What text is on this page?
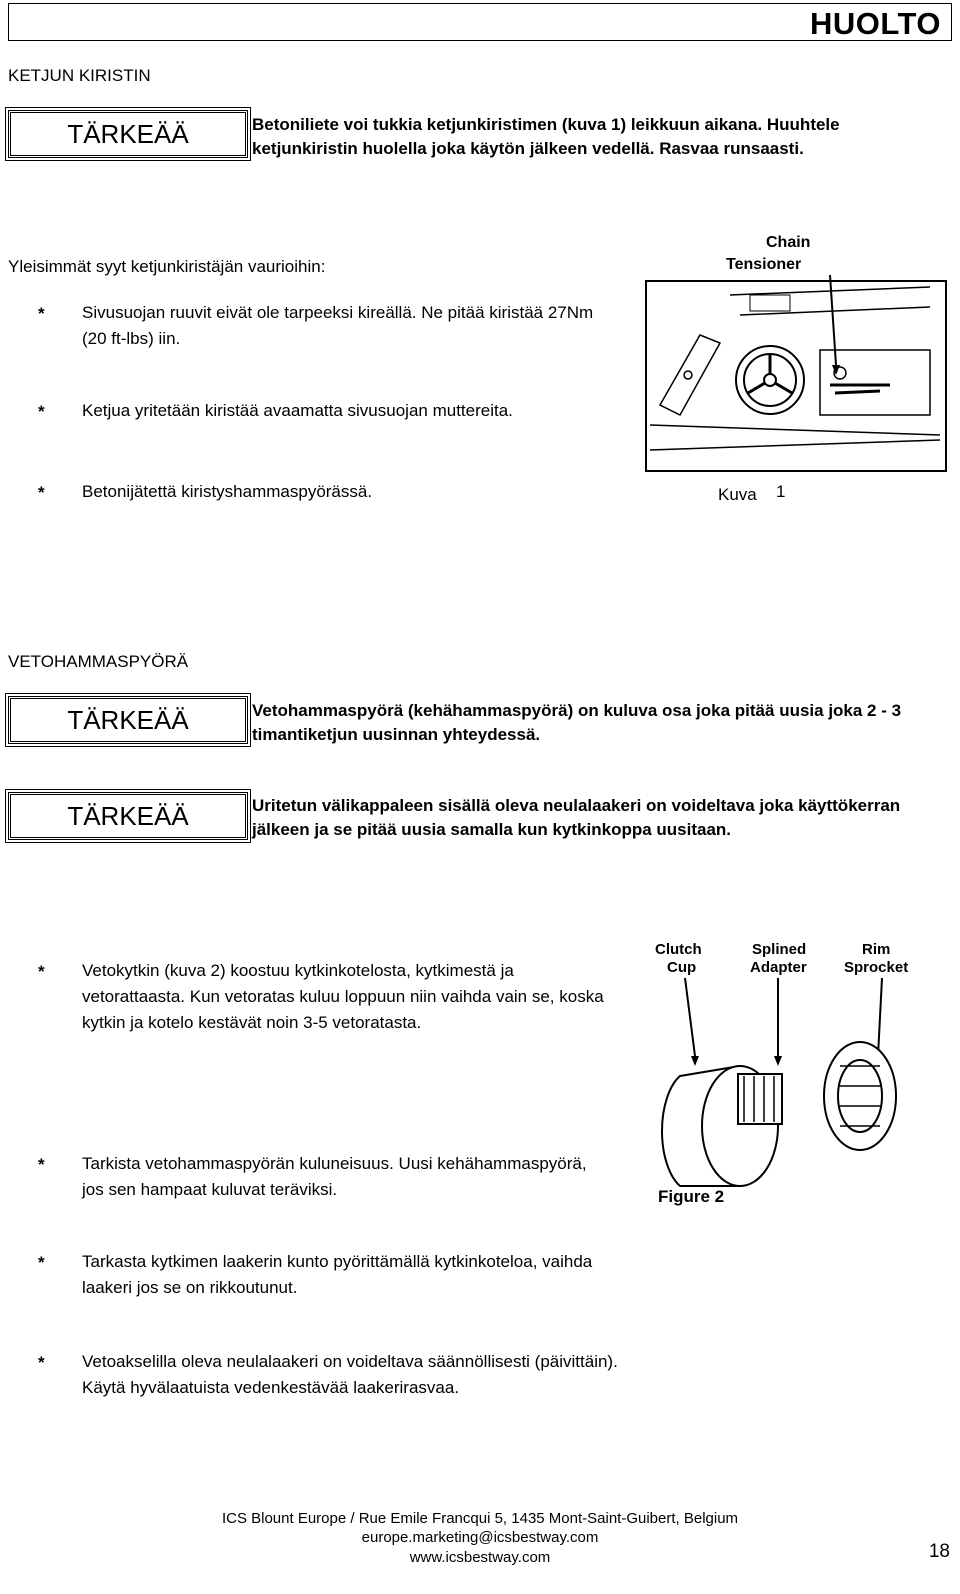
HUOLTO
KETJUN KIRISTIN
TÄRKEÄÄ	Betoniliete voi tukkia ketjunkiristimen (kuva 1) leikkuun aikana. Huuhtele ketjunkiristin huolella joka käytön jälkeen vedellä. Rasvaa runsaasti.
Yleisimmät syyt ketjunkiristäjän vaurioihin:
* Sivusuojan ruuvit eivät ole tarpeeksi kireällä. Ne pitää kiristää 27Nm (20 ft-lbs) iin.
* Ketjua yritetään kiristää avaamatta sivusuojan muttereita.
* Betonijätettä kiristyshammaspyörässä.
Chain
Tensioner
Kuva 1
VETOHAMMASPYÖRÄ
TÄRKEÄÄ	Vetohammaspyörä (kehähammaspyörä) on kuluva osa joka pitää uusia joka 2 - 3 timantiketjun uusinnan yhteydessä.
TÄRKEÄÄ	Uritetun välikappaleen sisällä oleva neulalaakeri on voideltava joka käyttökerran jälkeen ja se pitää uusia samalla kun kytkinkoppa uusitaan.
* Vetokytkin (kuva 2) koostuu kytkinkotelosta, kytkimestä ja vetorattaasta. Kun vetoratas kuluu loppuun niin vaihda vain se, koska kytkin ja kotelo kestävät noin 3-5 vetoratasta.
* Tarkista vetohammaspyörän kuluneisuus. Uusi kehähammaspyörä, jos sen hampaat kuluvat teräviksi.
* Tarkasta kytkimen laakerin kunto pyörittämällä kytkinkoteloa, vaihda laakeri jos se on rikkoutunut.
* Vetoakselilla oleva neulalaakeri on voideltava säännöllisesti (päivittäin). Käytä hyvälaatuista vedenkestävää laakerirasvaa.
Clutch
Cup
Splined
Adapter
Rim
Sprocket
Figure 2
ICS Blount Europe / Rue Emile Francqui 5, 1435 Mont-Saint-Guibert, Belgium
europe.marketing@icsbestway.com
www.icsbestway.com	18
